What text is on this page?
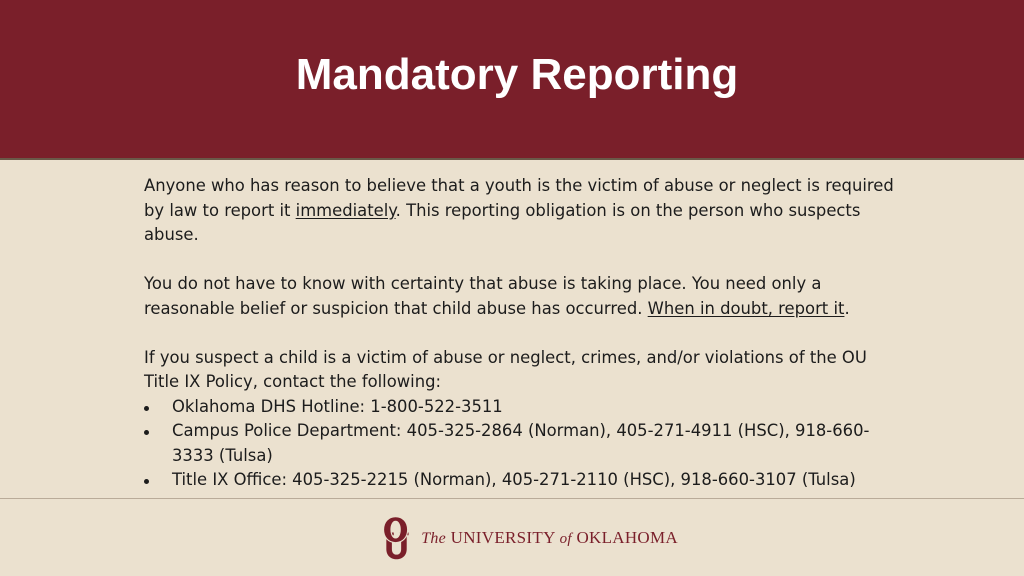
Mandatory Reporting

Anyone who has reason to believe that a youth is the victim of abuse or neglect is required by law to report it immediately. This reporting obligation is on the person who suspects abuse.

You do not have to know with certainty that abuse is taking place. You need only a reasonable belief or suspicion that child abuse has occurred. When in doubt, report it.

If you suspect a child is a victim of abuse or neglect, crimes, and/or violations of the OU Title IX Policy, contact the following:

Oklahoma DHS Hotline: 1-800-522-3511
Campus Police Department: 405-325-2864 (Norman), 405-271-4911 (HSC), 918-660-3333 (Tulsa)
Title IX Office: 405-325-2215 (Norman), 405-271-2110 (HSC), 918-660-3107 (Tulsa)
The UNIVERSITY of OKLAHOMA
